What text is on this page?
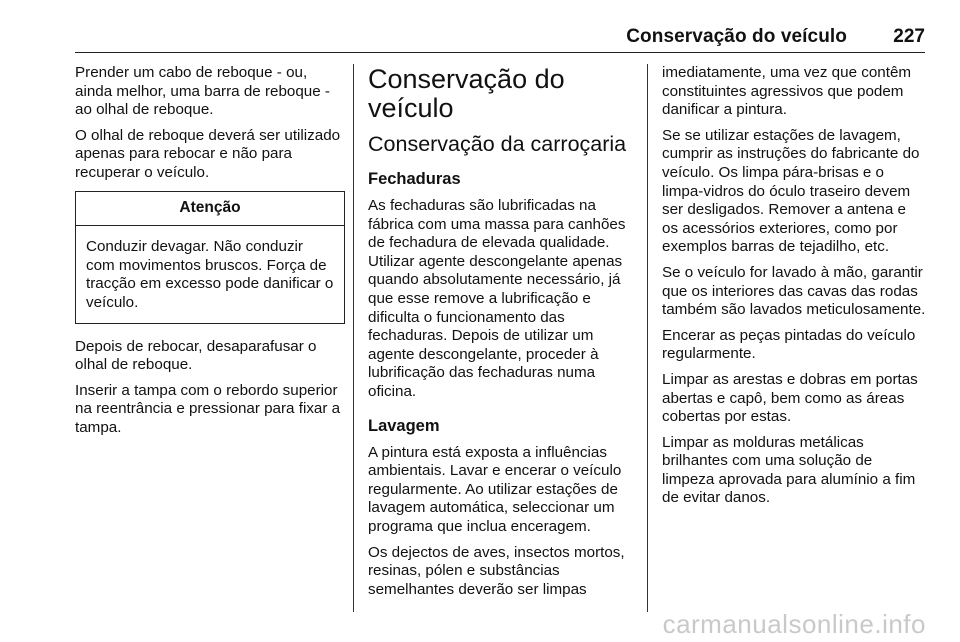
Conservação do veículo 227

Prender um cabo de reboque - ou, ainda melhor, uma barra de reboque - ao olhal de reboque.

O olhal de reboque deverá ser utilizado apenas para rebocar e não para recuperar o veículo.

Atenção
Conduzir devagar. Não conduzir com movimentos bruscos. Força de tracção em excesso pode danificar o veículo.

Depois de rebocar, desaparafusar o olhal de reboque.

Inserir a tampa com o rebordo superior na reentrância e pressionar para fixar a tampa.

Conservação do veículo
Conservação da carroçaria
Fechaduras

As fechaduras são lubrificadas na fábrica com uma massa para canhões de fechadura de elevada qualidade. Utilizar agente descongelante apenas quando absolutamente necessário, já que esse remove a lubrificação e dificulta o funcionamento das fechaduras. Depois de utilizar um agente descongelante, proceder à lubrificação das fechaduras numa oficina.

Lavagem

A pintura está exposta a influências ambientais. Lavar e encerar o veículo regularmente. Ao utilizar estações de lavagem automática, seleccionar um programa que inclua enceragem.

Os dejectos de aves, insectos mortos, resinas, pólen e substâncias semelhantes deverão ser limpas

imediatamente, uma vez que contêm constituintes agressivos que podem danificar a pintura.

Se se utilizar estações de lavagem, cumprir as instruções do fabricante do veículo. Os limpa pára-brisas e o limpa-vidros do óculo traseiro devem ser desligados. Remover a antena e os acessórios exteriores, como por exemplos barras de tejadilho, etc.

Se o veículo for lavado à mão, garantir que os interiores das cavas das rodas também são lavados meticulosamente.

Encerar as peças pintadas do veículo regularmente.

Limpar as arestas e dobras em portas abertas e capô, bem como as áreas cobertas por estas.

Limpar as molduras metálicas brilhantes com uma solução de limpeza aprovada para alumínio a fim de evitar danos.

carmanualsonline.info
